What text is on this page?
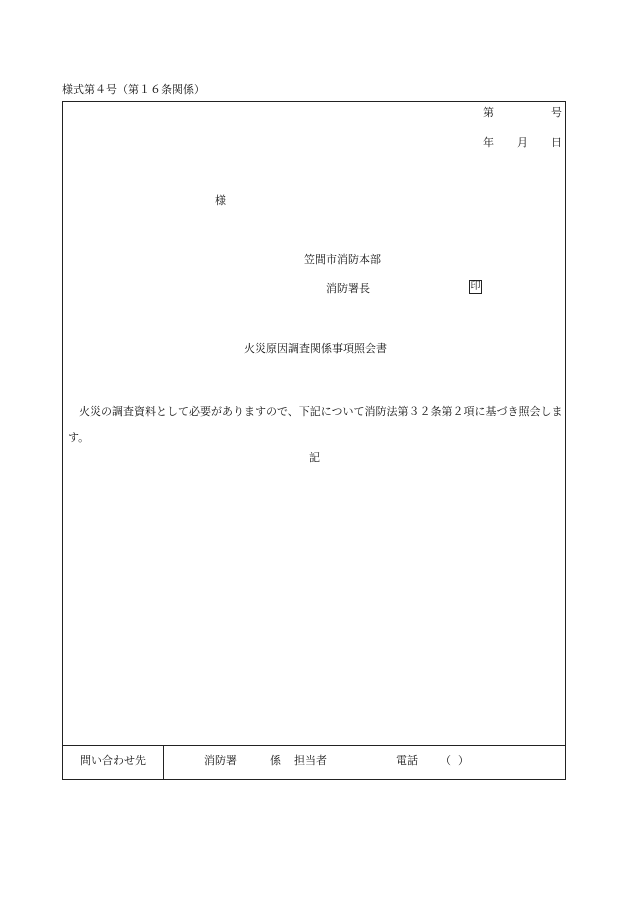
様式第４号（第１６条関係）
第	号
年 月 日
様
笠間市消防本部
消防署長	印
火災原因調査関係事項照会書
　火災の調査資料として必要がありますので、下記について消防法第３２条第２項に基づき照会します。
記
問い合わせ先	消防署	係 担当者	電話 （ ）
